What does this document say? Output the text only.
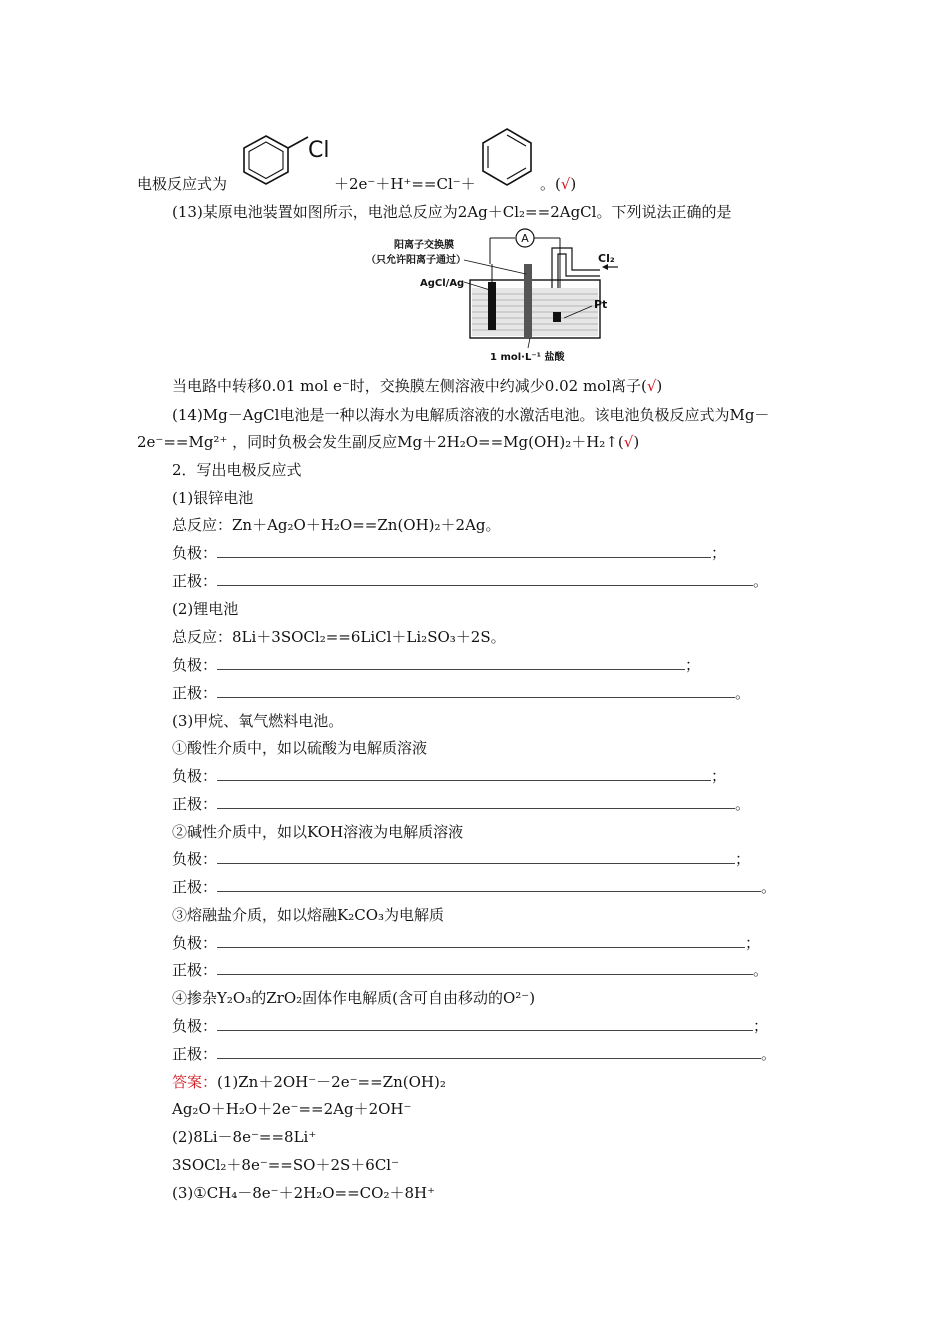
Cl
电极反应式为	＋2e⁻＋H⁺==Cl⁻＋	。(√)
(13)某原电池装置如图所示，电池总反应为2Ag＋Cl₂==2AgCl。下列说法正确的是
A
Cl₂
阳离子交换膜
（只允许阳离子通过）
AgCl/Ag
Pt
1 mol·L⁻¹ 盐酸
当电路中转移0.01 mol e⁻时，交换膜左侧溶液中约减少0.02 mol离子(√)
(14)Mg－AgCl电池是一种以海水为电解质溶液的水激活电池。该电池负极反应式为Mg－
2e⁻==Mg²⁺ ，同时负极会发生副反应Mg＋2H₂O==Mg(OH)₂＋H₂↑(√)
2．写出电极反应式
(1)银锌电池
总反应：Zn＋Ag₂O＋H₂O==Zn(OH)₂＋2Ag。
负极：	；
正极：	。
(2)锂电池
总反应：8Li＋3SOCl₂==6LiCl＋Li₂SO₃＋2S。
负极：	；
正极：	。
(3)甲烷、氧气燃料电池。
①酸性介质中，如以硫酸为电解质溶液
负极：	；
正极：	。
②碱性介质中，如以KOH溶液为电解质溶液
负极：	；
正极：	。
③熔融盐介质，如以熔融K₂CO₃为电解质
负极：	；
正极：	。
④掺杂Y₂O₃的ZrO₂固体作电解质(含可自由移动的O²⁻)
负极：	；
正极：	。
答案：(1)Zn＋2OH⁻－2e⁻==Zn(OH)₂
Ag₂O＋H₂O＋2e⁻==2Ag＋2OH⁻
(2)8Li－8e⁻==8Li⁺
3SOCl₂＋8e⁻==SO＋2S＋6Cl⁻
(3)①CH₄－8e⁻＋2H₂O==CO₂＋8H⁺
